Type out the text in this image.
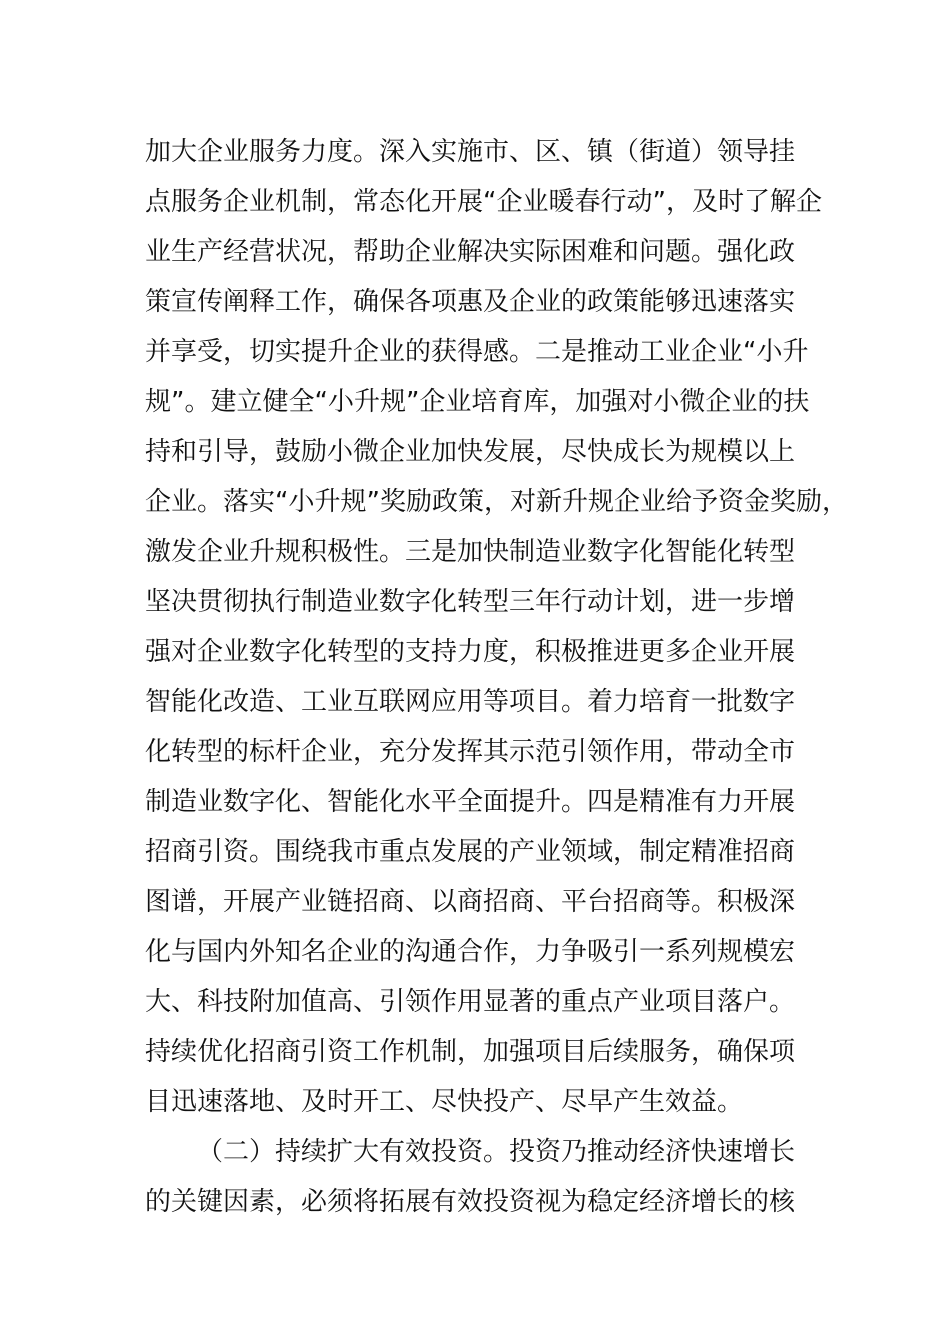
加大企业服务力度。深入实施市、区、镇（街道）领导挂
点服务企业机制，常态化开展“企业暖春行动”，及时了解企
业生产经营状况，帮助企业解决实际困难和问题。强化政
策宣传阐释工作，确保各项惠及企业的政策能够迅速落实
并享受，切实提升企业的获得感。二是推动工业企业“小升
规”。建立健全“小升规”企业培育库，加强对小微企业的扶
持和引导，鼓励小微企业加快发展，尽快成长为规模以上
企业。落实“小升规”奖励政策，对新升规企业给予资金奖励，
激发企业升规积极性。三是加快制造业数字化智能化转型
坚决贯彻执行制造业数字化转型三年行动计划，进一步增
强对企业数字化转型的支持力度，积极推进更多企业开展
智能化改造、工业互联网应用等项目。着力培育一批数字
化转型的标杆企业，充分发挥其示范引领作用，带动全市
制造业数字化、智能化水平全面提升。四是精准有力开展
招商引资。围绕我市重点发展的产业领域，制定精准招商
图谱，开展产业链招商、以商招商、平台招商等。积极深
化与国内外知名企业的沟通合作，力争吸引一系列规模宏
大、科技附加值高、引领作用显著的重点产业项目落户。
持续优化招商引资工作机制，加强项目后续服务，确保项
目迅速落地、及时开工、尽快投产、尽早产生效益。
（二）持续扩大有效投资。投资乃推动经济快速增长
的关键因素，必须将拓展有效投资视为稳定经济增长的核
